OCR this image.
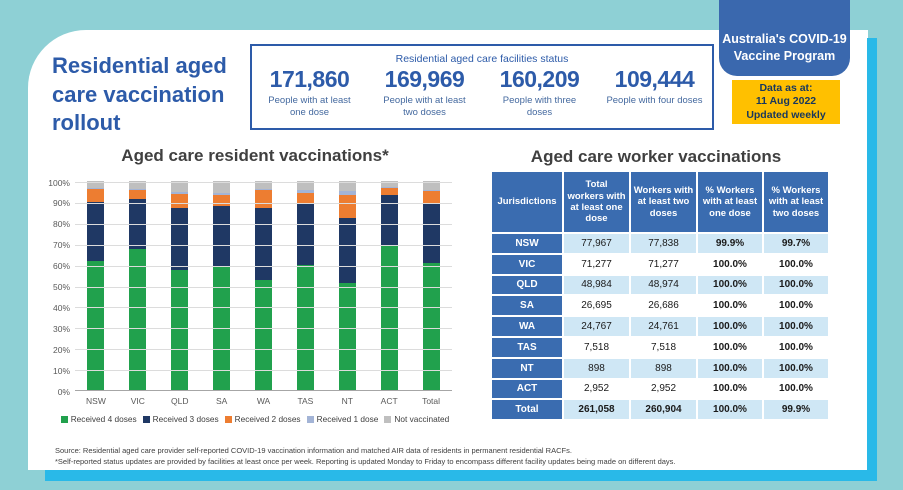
Australia's COVID-19
Vaccine Program
Data as at:
11 Aug 2022
Updated weekly
Residential aged care vaccination rollout
Residential aged care facilities status
171,860
People with at least one dose
169,969
People with at least two doses
160,209
People with three doses
109,444
People with four doses
Aged care resident vaccinations*
0%
10%
20%
30%
40%
50%
60%
70%
80%
90%
100%
NSW	VIC	QLD	SA	WA	TAS	NT	ACT	Total
Received 4 doses Received 3 doses Received 2 doses Received 1 dose Not vaccinated
Aged care worker vaccinations
Jurisdictions
Total workers with at least one dose
Workers with at least two doses
% Workers with at least one dose
% Workers with at least two doses
NSW	77,967	77,838	99.9%	99.7%
VIC	71,277	71,277	100.0%	100.0%
QLD	48,984	48,974	100.0%	100.0%
SA	26,695	26,686	100.0%	100.0%
WA	24,767	24,761	100.0%	100.0%
TAS	7,518	7,518	100.0%	100.0%
NT	898	898	100.0%	100.0%
ACT	2,952	2,952	100.0%	100.0%
Total	261,058	260,904	100.0%	99.9%
Source: Residential aged care provider self-reported COVID-19 vaccination information and matched AIR data of residents in permanent residential RACFs.
*Self-reported status updates are provided by facilities at least once per week. Reporting is updated Monday to Friday to encompass different facility updates being made on different days.
